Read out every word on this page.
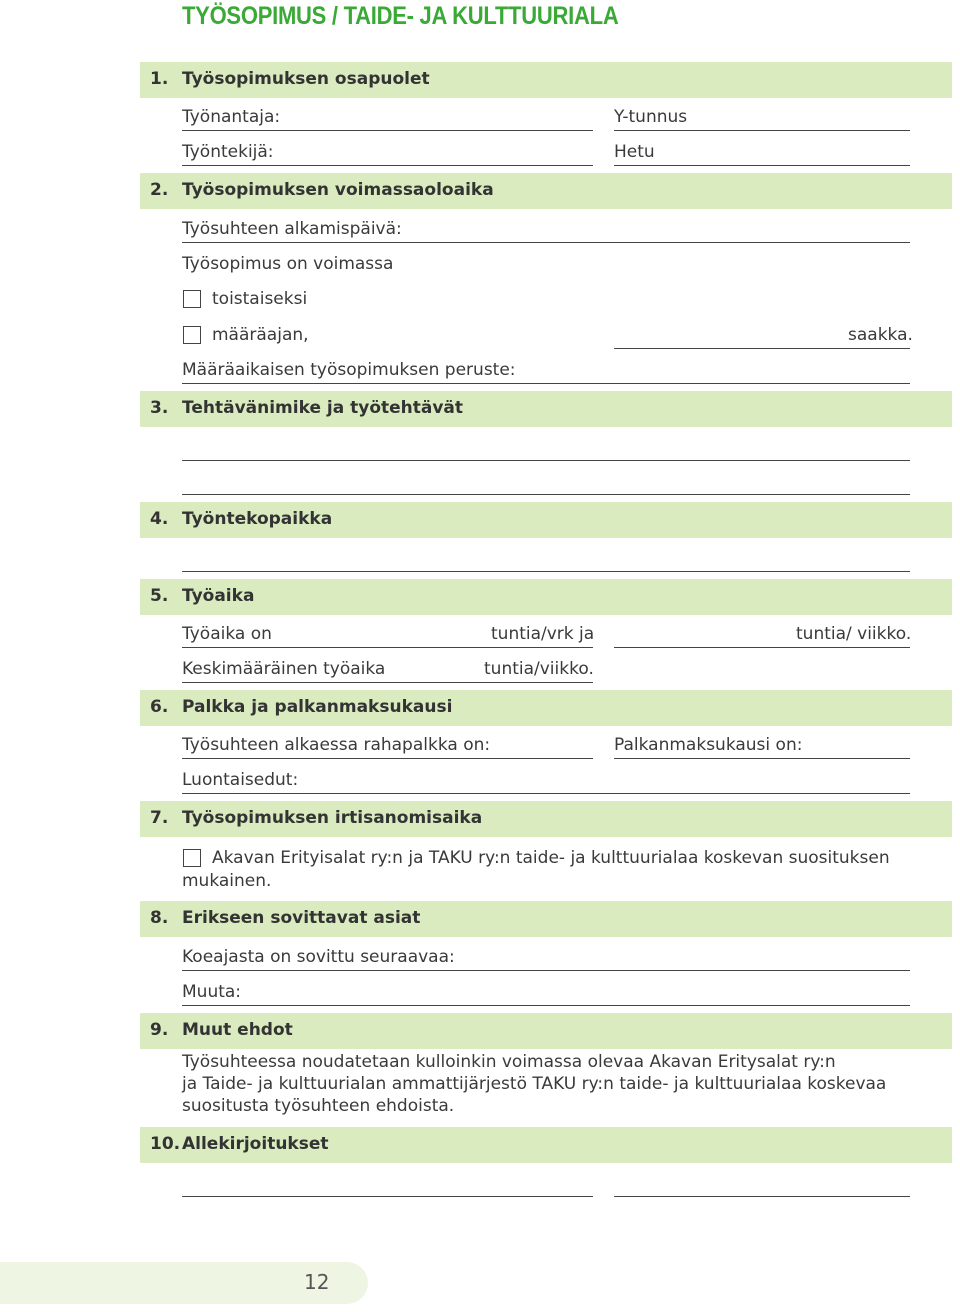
TYÖSOPIMUS / TAIDE- JA KULTTUURIALA
1. Työsopimuksen osapuolet
Työnantaja:	Y-tunnus
Työntekijä:	Hetu
2. Työsopimuksen voimassaoloaika
Työsuhteen alkamispäivä:
Työsopimus on voimassa
toistaiseksi
määräajan,	saakka.
Määräaikaisen työsopimuksen peruste:
3. Tehtävänimike ja työtehtävät
4. Työntekopaikka
5. Työaika
Työaika on	tuntia/vrk ja	tuntia/ viikko.
Keskimääräinen työaika	tuntia/viikko.
6. Palkka ja palkanmaksukausi
Työsuhteen alkaessa rahapalkka on:	Palkanmaksukausi on:
Luontaisedut:
7. Työsopimuksen irtisanomisaika
Akavan Erityisalat ry:n ja TAKU ry:n taide- ja kulttuurialaa koskevan suosituksen
mukainen.
8. Erikseen sovittavat asiat
Koeajasta on sovittu seuraavaa:
Muuta:
9. Muut ehdot
Työsuhteessa noudatetaan kulloinkin voimassa olevaa Akavan Eritysalat ry:n
ja Taide- ja kulttuurialan ammattijärjestö TAKU ry:n taide- ja kulttuurialaa koskevaa
suositusta työsuhteen ehdoista.
10. Allekirjoitukset
12
